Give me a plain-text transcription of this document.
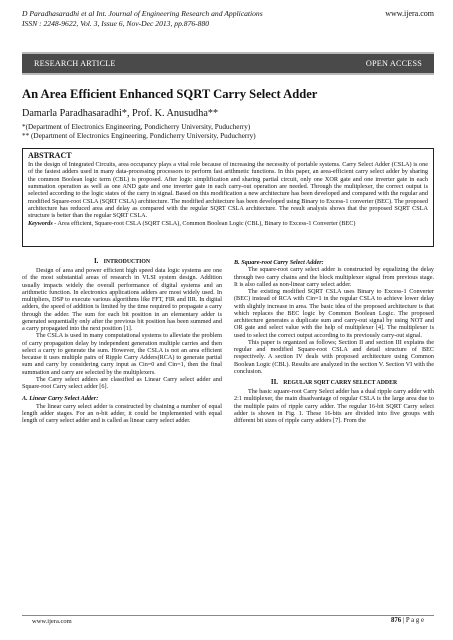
D Paradhasaradhi et al Int. Journal of Engineering Research and Applications
ISSN : 2248-9622, Vol. 3, Issue 6, Nov-Dec 2013, pp.876-880
www.ijera.com
RESEARCH ARTICLE	OPEN ACCESS
An Area Efficient Enhanced SQRT Carry Select Adder
Damarla Paradhasaradhi*, Prof. K. Anusudha**
*(Department of Electronics Engineering, Pondicherry University, Puducherry)
** (Department of Electronics Engineering, Pondicherry University, Puducherry)
ABSTRACT
In the design of Integrated Circuits, area occupancy plays a vital role because of increasing the necessity of portable systems. Carry Select Adder (CSLA) is one of the fastest adders used in many data-processing processors to perform fast arithmetic functions. In this paper, an area-efficient carry select adder by sharing the common Boolean logic term (CBL) is proposed. After logic simplification and sharing partial circuit, only one XOR gate and one inverter gate in each summation operation as well as one AND gate and one inverter gate in each carry-out operation are needed. Through the multiplexer, the correct output is selected according to the logic states of the carry in signal. Based on this modification a new architecture has been developed and compared with the regular and modified Square-root CSLA (SQRT CSLA) architecture. The modified architecture has been developed using Binary to Excess-1 converter (BEC). The proposed architecture has reduced area and delay as compared with the regular SQRT CSLA architecture. The result analysis shows that the proposed SQRT CSLA structure is better than the regular SQRT CSLA.
Keywords - Area efficient, Square-root CSLA (SQRT CSLA), Common Boolean Logic (CBL), Binary to Excess-1 Converter (BEC)
I. INTRODUCTION

Design of area and power efficient high speed data logic systems are one of the most substantial areas of research in VLSI system design. Addition usually impacts widely the overall performance of digital systems and an arithmetic function. In electronics applications adders are most widely used. In multipliers, DSP to execute various algorithms like FFT, FIR and IIR. In digital adders, the speed of addition is limited by the time required to propagate a carry through the adder. The sum for each bit position in an elementary adder is generated sequentially only after the previous bit position has been summed and a carry propagated into the next position [1].

The CSLA is used in many computational systems to alleviate the problem of carry propagation delay by independent generation multiple carries and then select a carry to generate the sum. However, the CSLA is not an area efficient because it uses multiple pairs of Ripple Carry Adders(RCA) to generate partial sum and carry by considering carry input as Cin=0 and Cin=1, then the final summation and carry are selected by the multiplexers.

The Carry select adders are classified as Linear Carry select adder and Square-root Carry select adder [6].

A. Linear Carry Select Adder:

The linear carry select adder is constructed by chaining a number of equal length adder stages. For an n-bit adder, it could be implemented with equal length of carry select adder and is called as linear carry select adder.

B. Square-root Carry Select Adder:

The square-root carry select adder is constructed by equalizing the delay through two carry chains and the block multiplexer signal from previous stage. It is also called as non-linear carry select adder.

The existing modified SQRT CSLA uses Binary to Excess-1 Converter (BEC) instead of RCA with Cin=1 in the regular CSLA to achieve lower delay with slightly increase in area. The basic idea of the proposed architecture is that which replaces the BEC logic by Common Boolean Logic. The proposed architecture generates a duplicate sum and carry-out signal by using NOT and OR gate and select value with the help of multiplexer [4]. The multiplexer is used to select the correct output according to its previously carry-out signal.

This paper is organized as follows; Section II and section III explains the regular and modified Square-root CSLA and detail structure of BEC respectively. A section IV deals with proposed architecture using Common Boolean Logic (CBL). Results are analyzed in the section V. Section VI with the conclusion.

II. REGULAR SQRT CARRY SELECT ADDER

The basic square-root Carry Select adder has a dual ripple carry adder with 2:1 multiplexer, the main disadvantage of regular CSLA is the large area due to the multiple pairs of ripple carry adder. The regular 16-bit SQRT Carry select adder is shown in Fig. 1. These 16-bits are divided into five groups with different bit sizes of ripple carry adders [7]. From the

www.ijera.com	876 | P a g e
